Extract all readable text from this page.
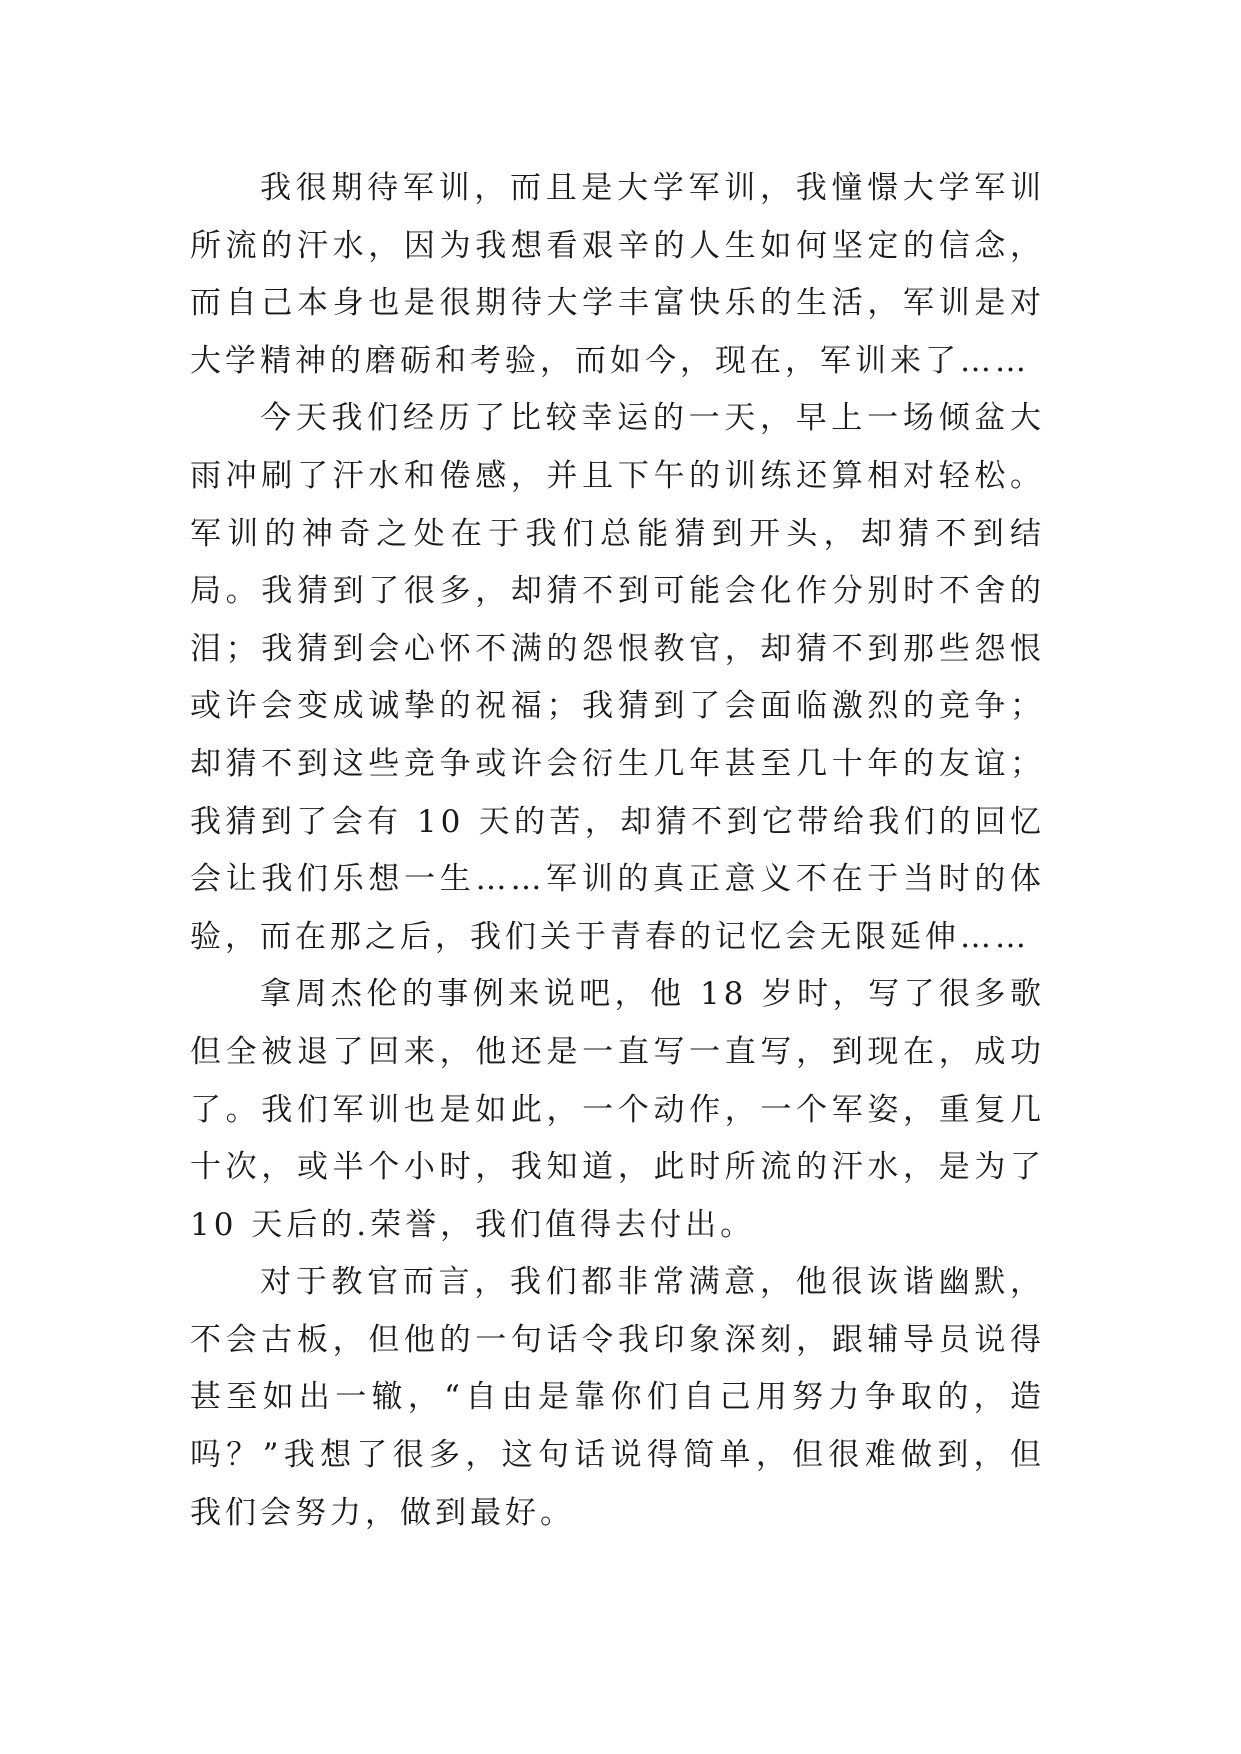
我很期待军训，而且是大学军训，我憧憬大学军训所流的汗水，因为我想看艰辛的人生如何坚定的信念，而自己本身也是很期待大学丰富快乐的生活，军训是对大学精神的磨砺和考验，而如今，现在，军训来了……

今天我们经历了比较幸运的一天，早上一场倾盆大雨冲刷了汗水和倦感，并且下午的训练还算相对轻松。军训的神奇之处在于我们总能猜到开头，却猜不到结局。我猜到了很多，却猜不到可能会化作分别时不舍的泪；我猜到会心怀不满的怨恨教官，却猜不到那些怨恨或许会变成诚挚的祝福；我猜到了会面临激烈的竞争；却猜不到这些竞争或许会衍生几年甚至几十年的友谊；我猜到了会有 10 天的苦，却猜不到它带给我们的回忆会让我们乐想一生……军训的真正意义不在于当时的体验，而在那之后，我们关于青春的记忆会无限延伸……

拿周杰伦的事例来说吧，他 18 岁时，写了很多歌但全被退了回来，他还是一直写一直写，到现在，成功了。我们军训也是如此，一个动作，一个军姿，重复几十次，或半个小时，我知道，此时所流的汗水，是为了 10 天后的.荣誉，我们值得去付出。

对于教官而言，我们都非常满意，他很诙谐幽默，不会古板，但他的一句话令我印象深刻，跟辅导员说得甚至如出一辙，“自由是靠你们自己用努力争取的，造吗？”我想了很多，这句话说得简单，但很难做到，但我们会努力，做到最好。
